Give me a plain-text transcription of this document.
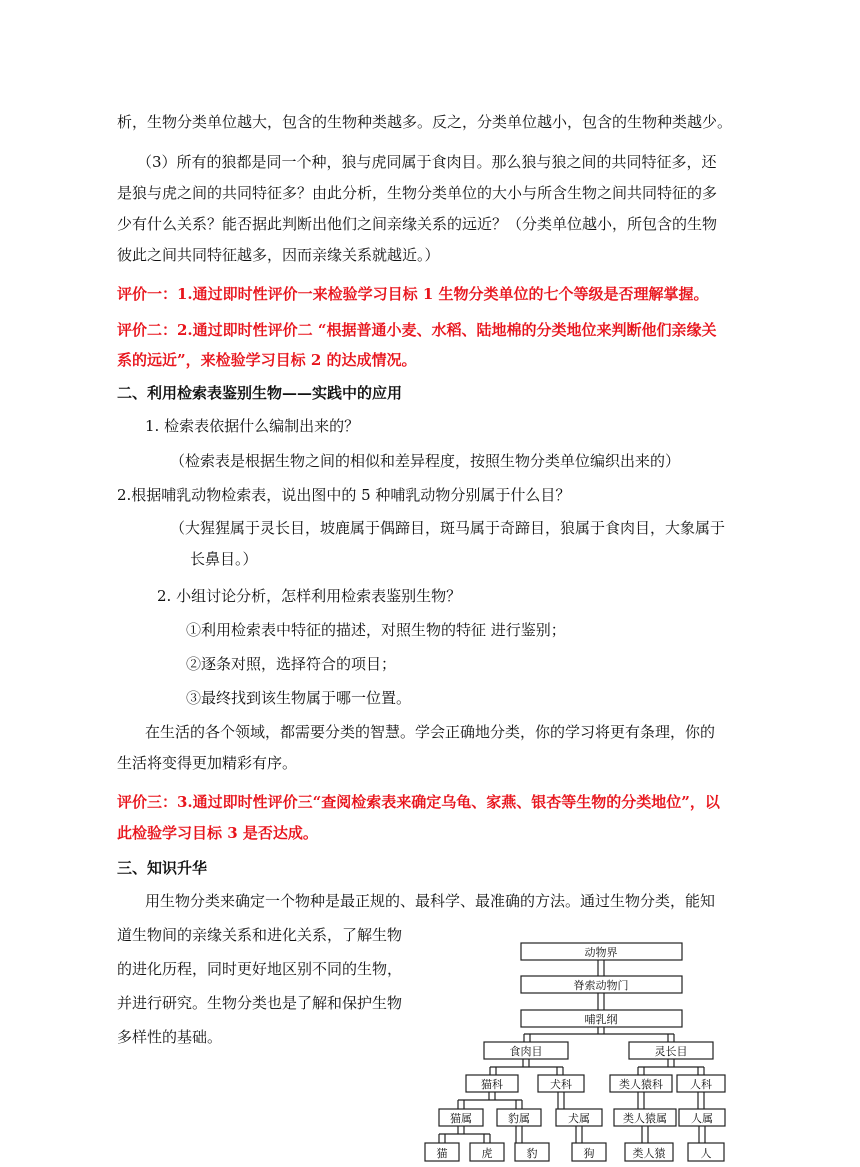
析，生物分类单位越大，包含的生物种类越多。反之，分类单位越小，包含的生物种类越少。
（3）所有的狼都是同一个种，狼与虎同属于食肉目。那么狼与狼之间的共同特征多，还
是狼与虎之间的共同特征多？由此分析，生物分类单位的大小与所含生物之间共同特征的多
少有什么关系？能否据此判断出他们之间亲缘关系的远近？（分类单位越小，所包含的生物
彼此之间共同特征越多，因而亲缘关系就越近。）
评价一：1.通过即时性评价一来检验学习目标 1 生物分类单位的七个等级是否理解掌握。
评价二：2.通过即时性评价二 “根据普通小麦、水稻、陆地棉的分类地位来判断他们亲缘关
系的远近”，来检验学习目标 2 的达成情况。
二、利用检索表鉴别生物——实践中的应用
1. 检索表依据什么编制出来的？
（检索表是根据生物之间的相似和差异程度，按照生物分类单位编织出来的）
2.根据哺乳动物检索表，说出图中的 5 种哺乳动物分别属于什么目？
（大猩猩属于灵长目，坡鹿属于偶蹄目，斑马属于奇蹄目，狼属于食肉目，大象属于
长鼻目。）
2. 小组讨论分析，怎样利用检索表鉴别生物？
①利用检索表中特征的描述，对照生物的特征 进行鉴别；
②逐条对照，选择符合的项目；
③最终找到该生物属于哪一位置。
在生活的各个领域，都需要分类的智慧。学会正确地分类，你的学习将更有条理，你的
生活将变得更加精彩有序。
评价三：3.通过即时性评价三“查阅检索表来确定乌龟、家燕、银杏等生物的分类地位”，以
此检验学习目标 3 是否达成。
三、知识升华
用生物分类来确定一个物种是最正规的、最科学、最准确的方法。通过生物分类，能知
道生物间的亲缘关系和进化关系，了解生物
的进化历程，同时更好地区别不同的生物，
并进行研究。生物分类也是了解和保护生物
多样性的基础。
动物界
脊索动物门
哺乳纲
食肉目	灵长目
猫科	犬科	类人猿科 人科
猫属	豹属	犬属	类人猿属 人属
猫	虎	豹	狗	类人猿	人
